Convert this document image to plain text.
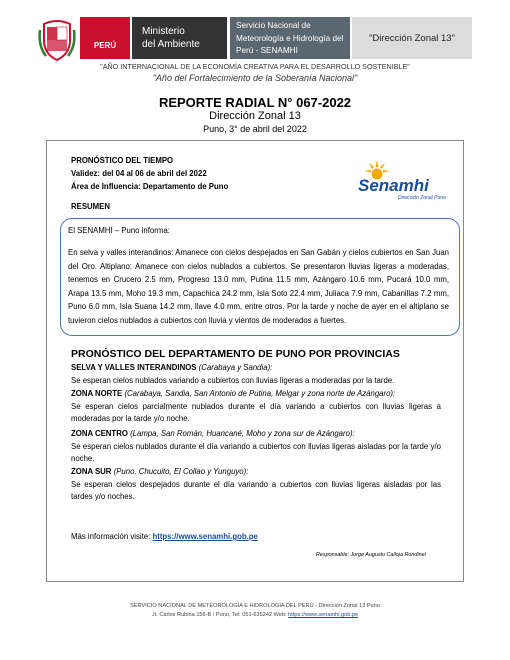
PERÚ
Ministerio
del Ambiente
Servicio Nacional de
Meteorología e Hidrología del
Perú - SENAMHI
"Dirección Zonal 13"
"AÑO INTERNACIONAL DE LA ECONOMÍA CREATIVA PARA EL DESARROLLO SOSTENIBLE"
"Año del Fortalecimiento de la Soberanía Nacional"
REPORTE RADIAL N° 067-2022
Dirección Zonal 13
Puno, 3° de abril del 2022
PRONÓSTICO DEL TIEMPO
Validez: del 04 al 06 de abril del 2022
Área de Influencia: Departamento de Puno
RESUMEN
Senamhi
Dirección Zonal Puno
El SENAMHI – Puno informa:
En selva y valles interandinos: Amanece con cielos despejados en San Gabán y cielos cubiertos en San Juan del Oro. Altiplano: Amanece con cielos nublados a cubiertos. Se presentaron lluvias ligeras a moderadas, tenemos en Crucero 2.5 mm, Progreso 13.0 mm, Putina 11.5 mm, Azángaro 10.6 mm, Pucará 10.0 mm, Arapa 13.5 mm, Moho 19.3 mm, Capachica 24.2 mm, Isla Soto 22.4 mm, Juliaca 7.9 mm, Cabanillas 7.2 mm, Puno 6.0 mm, Isla Suana 14.2 mm, Ilave 4.0 mm, entre otros. Por la tarde y noche de ayer en el altiplano se tuvieron cielos nublados a cubiertos con lluvia y vientos de moderados a fuertes.
PRONÓSTICO DEL DEPARTAMENTO DE PUNO POR PROVINCIAS
SELVA Y VALLES INTERANDINOS (Carabaya y Sandia):
Se esperan cielos nublados variando a cubiertos con lluvias ligeras a moderadas por la tarde.
ZONA NORTE (Carabaya, Sandia, San Antonio de Putina, Melgar y zona norte de Azángaro):
Se esperan cielos parcialmente nublados durante el día variando a cubiertos con lluvias ligeras a moderadas por la tarde y/o noche.
ZONA CENTRO (Lampa, San Román, Huancané, Moho y zona sur de Azángaro):
Se esperan cielos nublados durante el día variando a cubiertos con lluvias ligeras aisladas por la tarde y/o noche.
ZONA SUR (Puno, Chucuito, El Collao y Yunguyo):
Se esperan cielos despejados durante el día variando a cubiertos con lluvias ligeras aisladas por las tardes y/o noches.
Más información visite: https://www.senamhi.gob.pe
Responsable: Jorge Augusto Calloja Rondinel
SERVICIO NACIONAL DE METEOROLOGÍA E HIDROLOGÍA DEL PERÚ - Dirección Zonal 13 Puno
Jr. Carlos Rubina 156-B / Puno, Tel: 051-635242 Web: https://www.senamhi.gob.pe
